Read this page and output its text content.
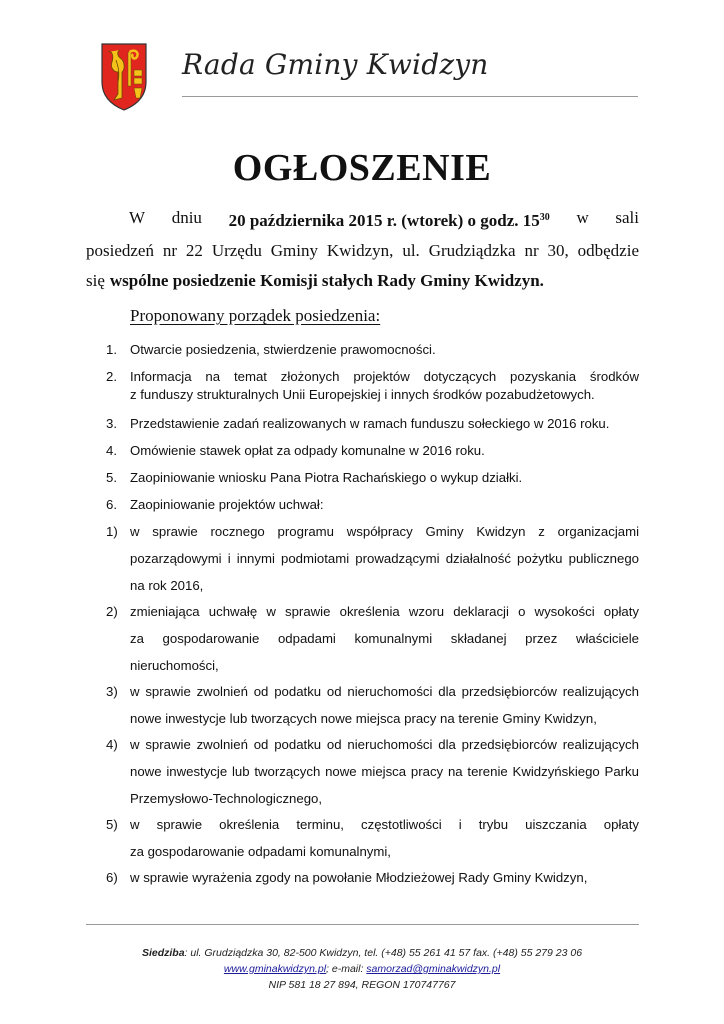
Rada Gminy Kwidzyn
OGŁOSZENIE
W dniu 20 października 2015 r. (wtorek) o godz. 1530 w sali
posiedzeń nr 22 Urzędu Gminy Kwidzyn, ul. Grudziądzka nr 30, odbędzie
się wspólne posiedzenie Komisji stałych Rady Gminy Kwidzyn.
Proponowany porządek posiedzenia:
1. Otwarcie posiedzenia, stwierdzenie prawomocności.
2. Informacja na temat złożonych projektów dotyczących pozyskania środków
z funduszy strukturalnych Unii Europejskiej i innych środków pozabudżetowych.
3. Przedstawienie zadań realizowanych w ramach funduszu sołeckiego w 2016 roku.
4. Omówienie stawek opłat za odpady komunalne w 2016 roku.
5. Zaopiniowanie wniosku Pana Piotra Rachańskiego o wykup działki.
6. Zaopiniowanie projektów uchwał:
1) w sprawie rocznego programu współpracy Gminy Kwidzyn z organizacjami
pozarządowymi i innymi podmiotami prowadzącymi działalność pożytku publicznego
na rok 2016,
2) zmieniająca uchwałę w sprawie określenia wzoru deklaracji o wysokości opłaty
za gospodarowanie odpadami komunalnymi składanej przez właściciele
nieruchomości,
3) w sprawie zwolnień od podatku od nieruchomości dla przedsiębiorców realizujących
nowe inwestycje lub tworzących nowe miejsca pracy na terenie Gminy Kwidzyn,
4) w sprawie zwolnień od podatku od nieruchomości dla przedsiębiorców realizujących
nowe inwestycje lub tworzących nowe miejsca pracy na terenie Kwidzyńskiego Parku
Przemysłowo-Technologicznego,
5) w sprawie określenia terminu, częstotliwości i trybu uiszczania opłaty
za gospodarowanie odpadami komunalnymi,
6) w sprawie wyrażenia zgody na powołanie Młodzieżowej Rady Gminy Kwidzyn,
Siedziba: ul. Grudziądzka 30, 82-500 Kwidzyn, tel. (+48) 55 261 41 57 fax. (+48) 55 279 23 06
www.gminakwidzyn.pl; e-mail: samorzad@gminakwidzyn.pl
NIP 581 18 27 894, REGON 170747767
